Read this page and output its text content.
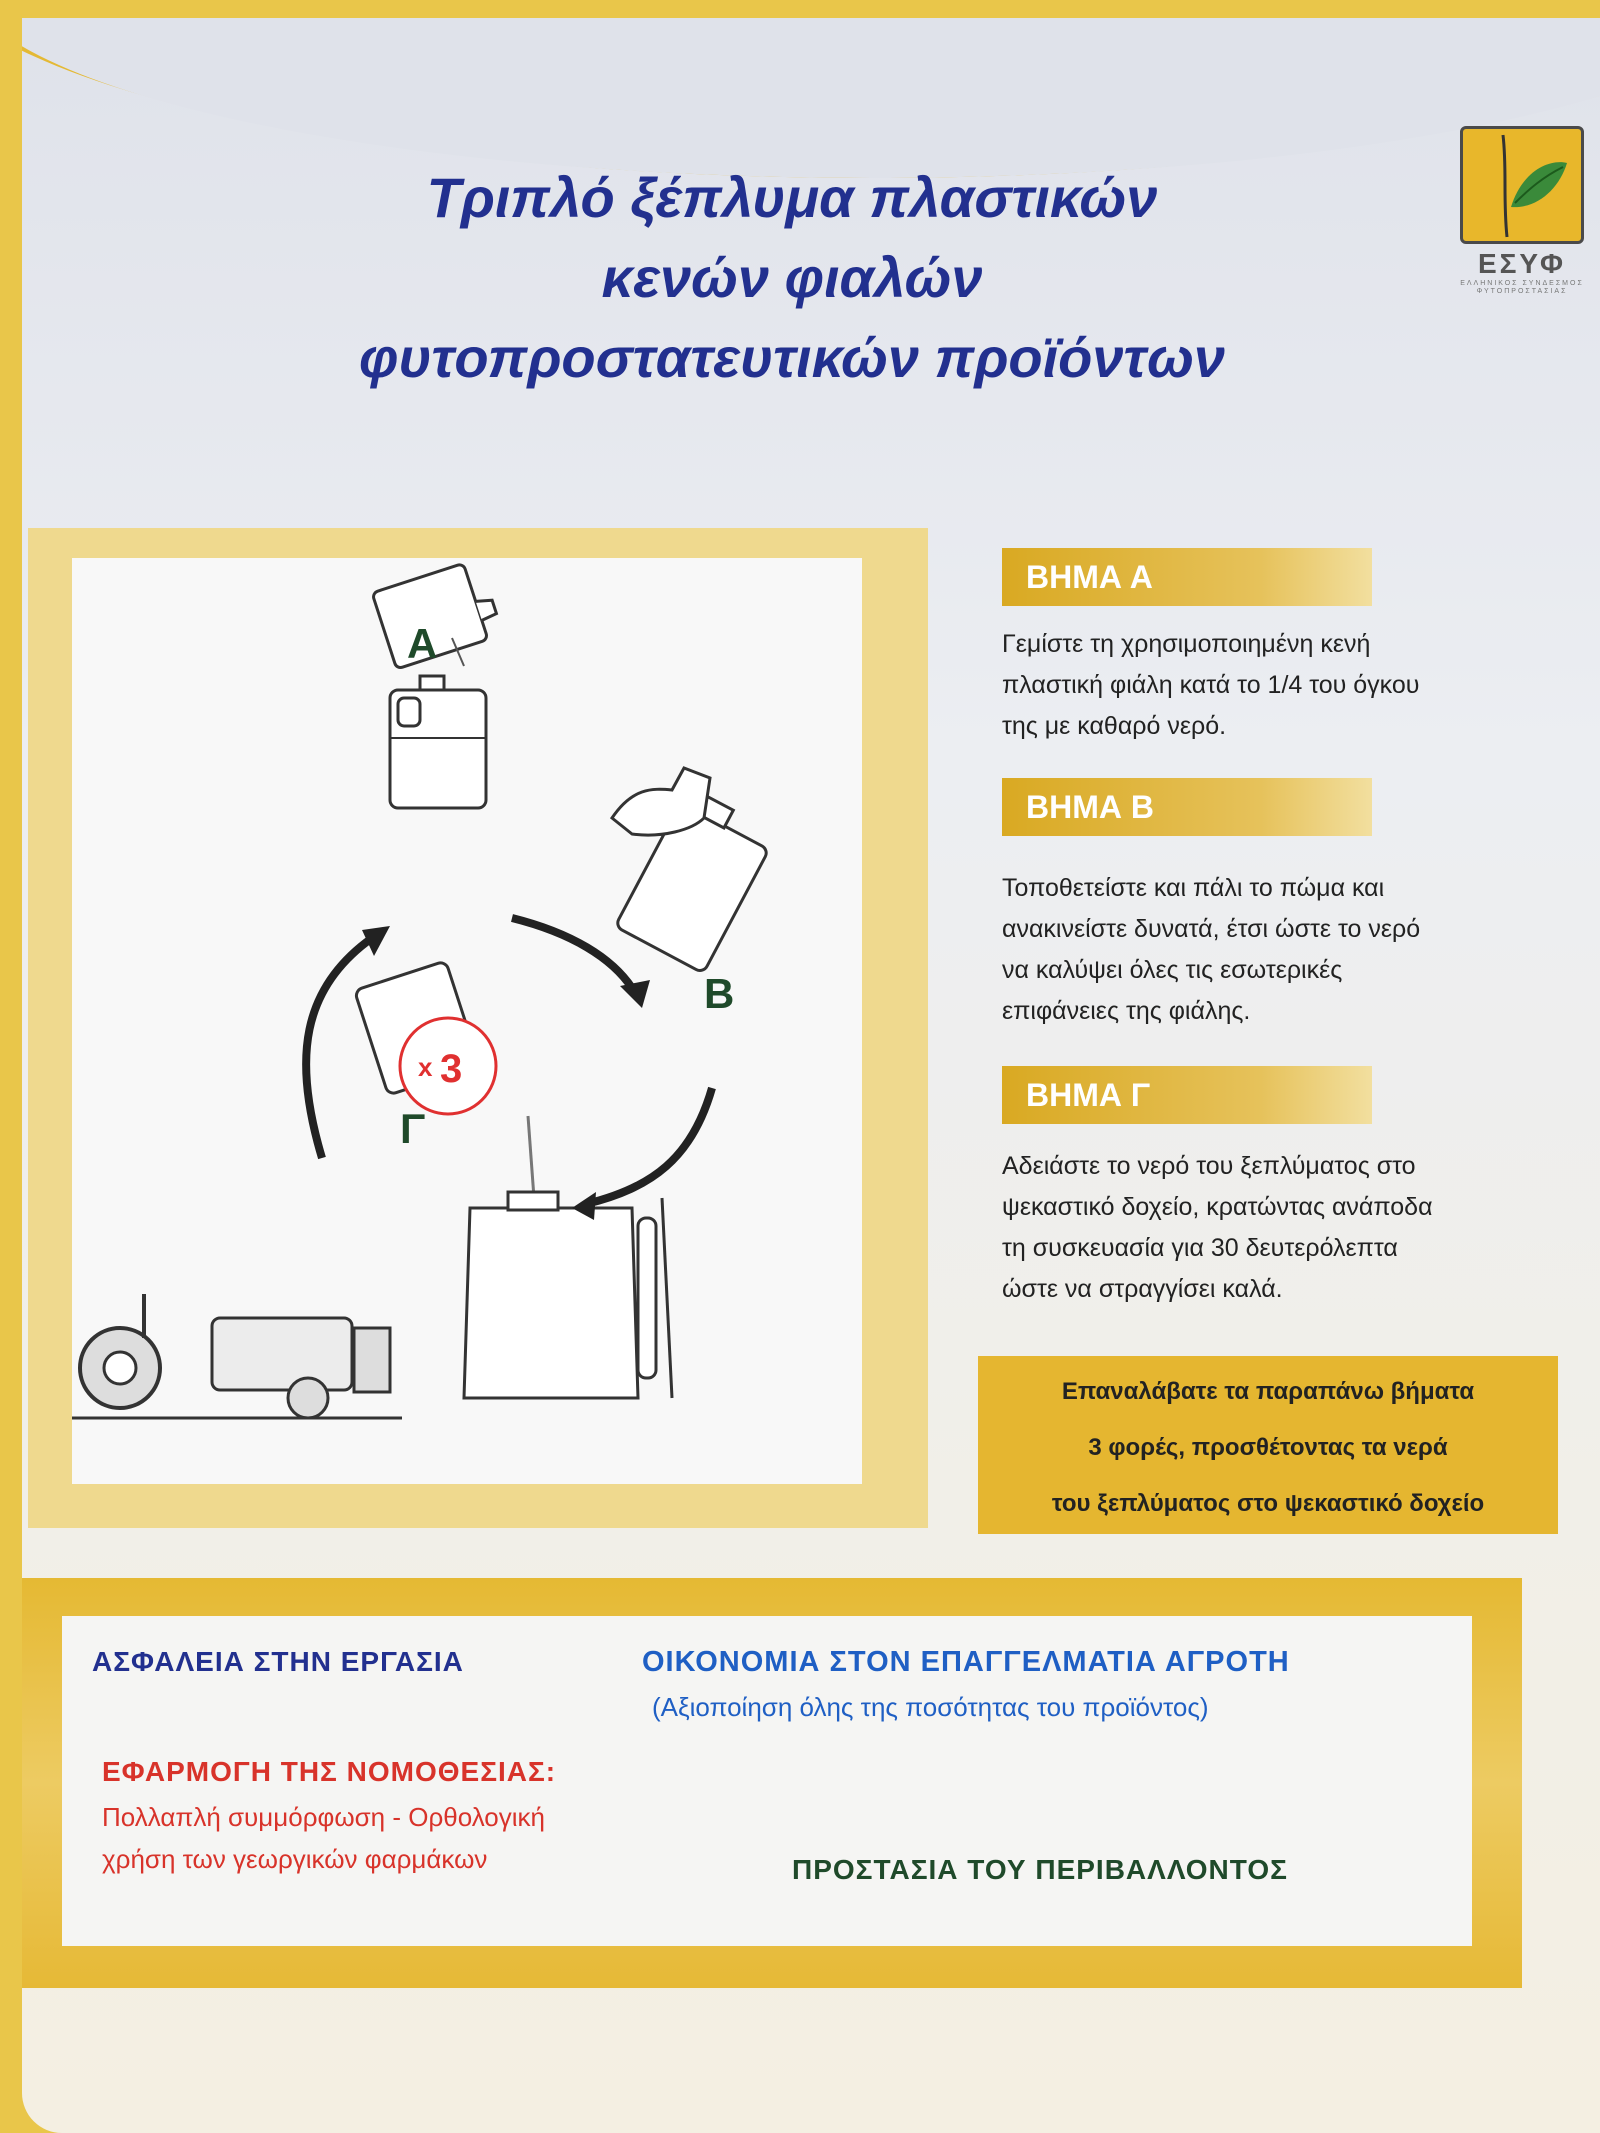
Τριπλό ξέπλυμα πλαστικών
κενών φιαλών
φυτοπροστατευτικών προϊόντων
ΕΣΥΦ
ΕΛΛΗΝΙΚΟΣ ΣΥΝΔΕΣΜΟΣ ΦΥΤΟΠΡΟΣΤΑΣΙΑΣ
x 3
Α
Β
Γ
ΒΗΜΑ Α
Γεμίστε τη χρησιμοποιημένη κενή
πλαστική φιάλη κατά το 1/4 του όγκου
της με καθαρό νερό.
ΒΗΜΑ Β
Τοποθετείστε και πάλι το πώμα και
ανακινείστε δυνατά, έτσι ώστε το νερό
να καλύψει όλες τις εσωτερικές
επιφάνειες της φιάλης.
ΒΗΜΑ Γ
Αδειάστε το νερό του ξεπλύματος στο
ψεκαστικό δοχείο, κρατώντας ανάποδα
τη συσκευασία για 30 δευτερόλεπτα
ώστε να στραγγίσει καλά.
Επαναλάβατε τα παραπάνω βήματα
3 φορές, προσθέτοντας τα νερά
του ξεπλύματος στο ψεκαστικό δοχείο
ΑΣΦΑΛΕΙΑ ΣΤΗΝ ΕΡΓΑΣΙΑ	ΟΙΚΟΝΟΜΙΑ ΣΤΟΝ ΕΠΑΓΓΕΛΜΑΤΙΑ ΑΓΡΟΤΗ
(Αξιοποίηση όλης της ποσότητας του προϊόντος)
ΕΦΑΡΜΟΓΗ ΤΗΣ ΝΟΜΟΘΕΣΙΑΣ:
Πολλαπλή συμμόρφωση - Ορθολογική
χρήση των γεωργικών φαρμάκων	ΠΡΟΣΤΑΣΙΑ ΤΟΥ ΠΕΡΙΒΑΛΛΟΝΤΟΣ
